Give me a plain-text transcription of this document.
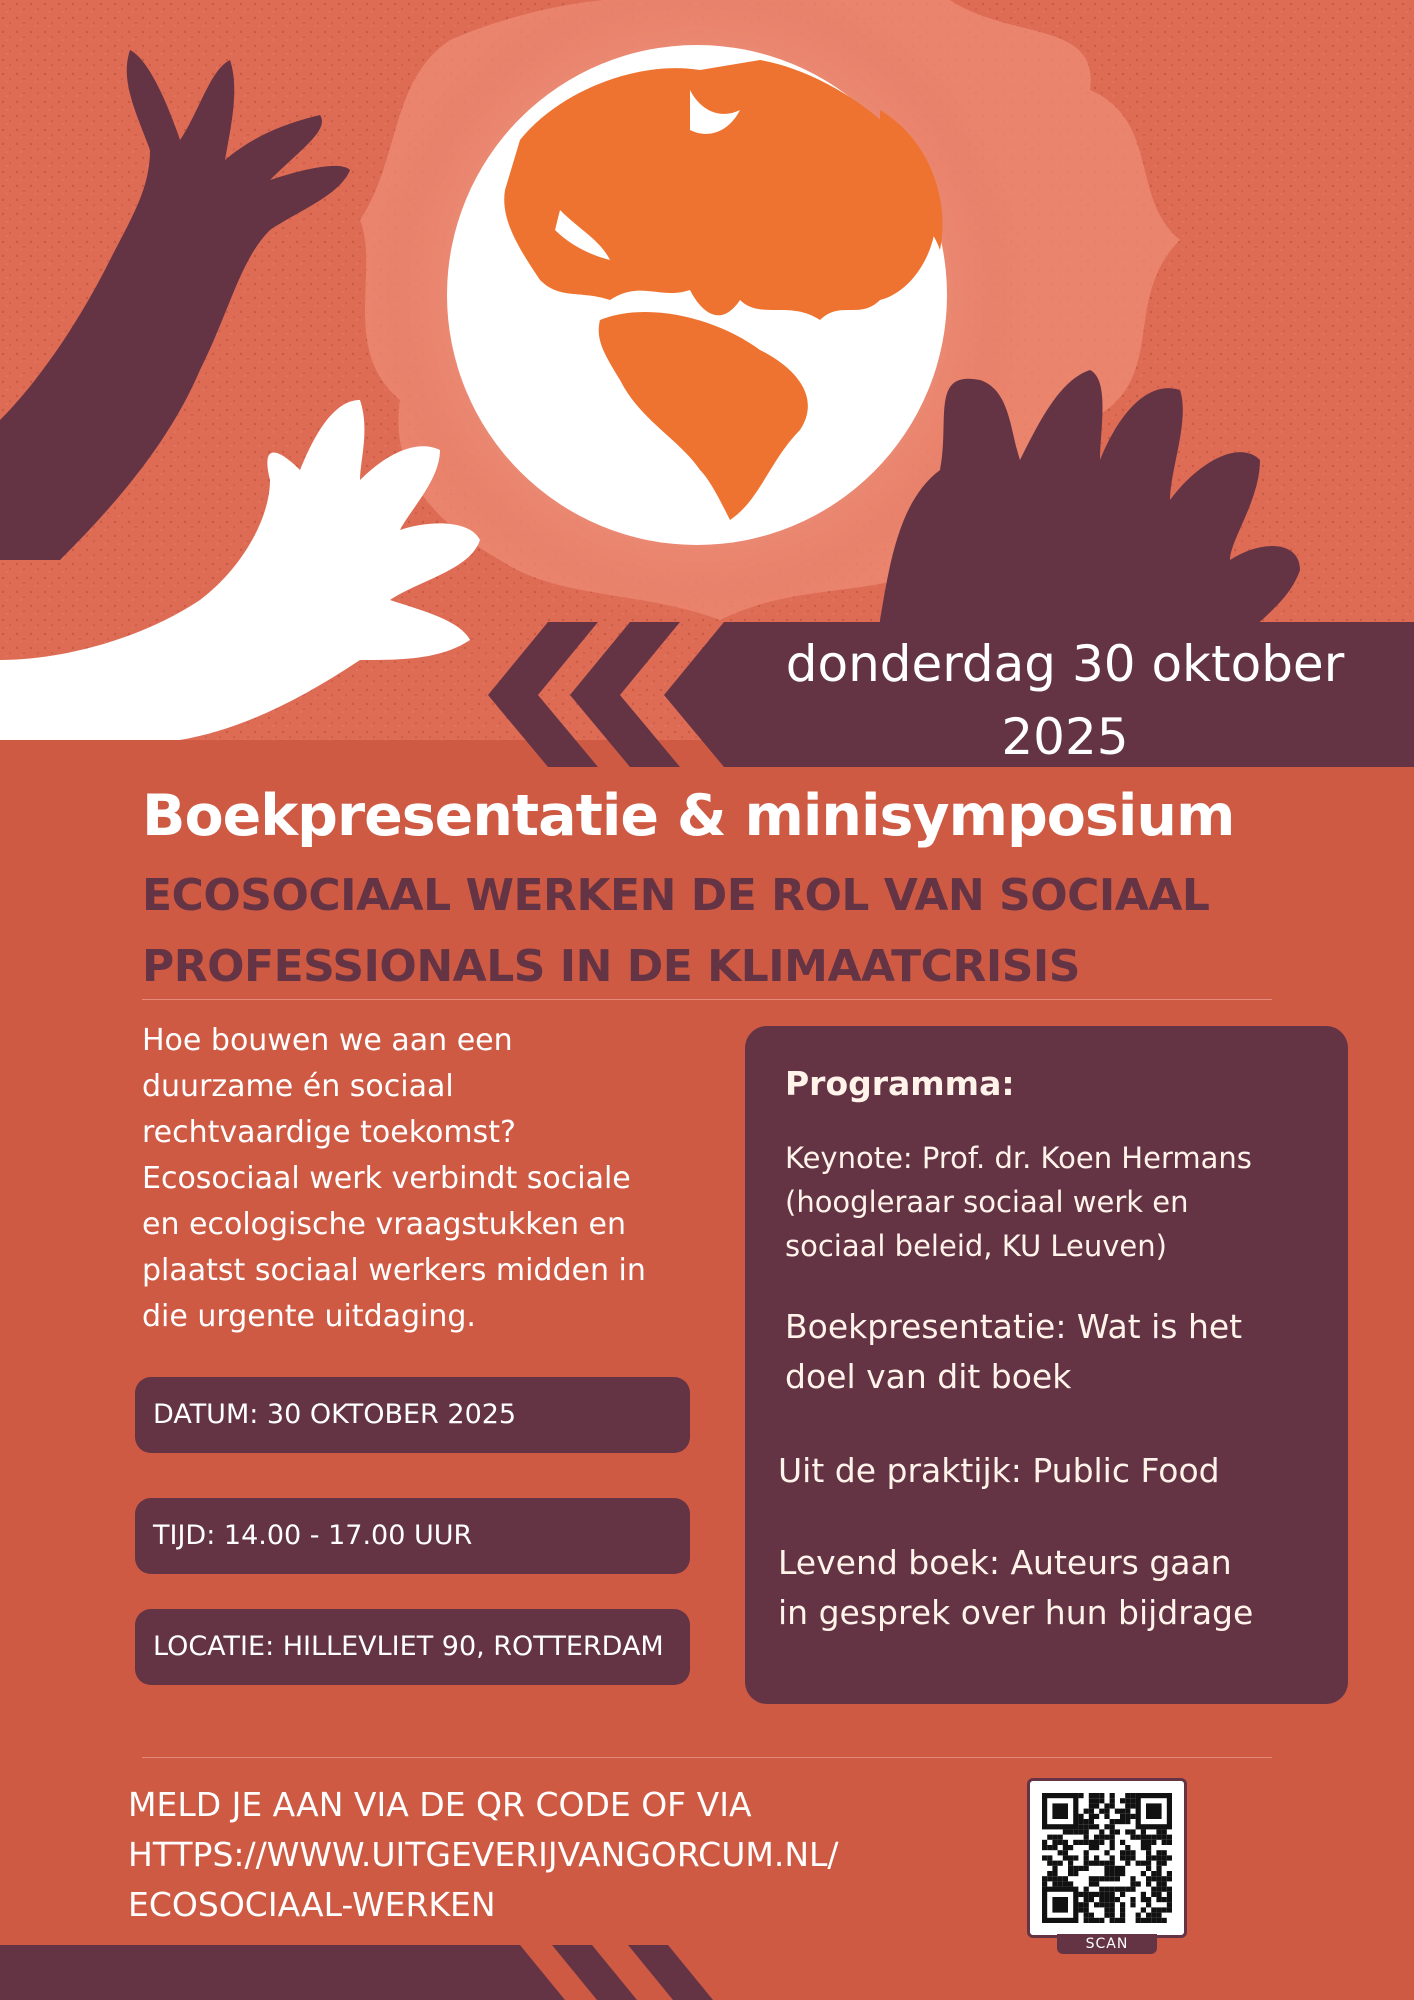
donderdag 30 oktober
2025
Boekpresentatie & minisymposium
ECOSOCIAAL WERKEN DE ROL VAN SOCIAAL
PROFESSIONALS IN DE KLIMAATCRISIS
Hoe bouwen we aan een
duurzame én sociaal
rechtvaardige toekomst?
Ecosociaal werk verbindt sociale
en ecologische vraagstukken en
plaatst sociaal werkers midden in
die urgente uitdaging.
DATUM: 30 OKTOBER 2025
TIJD: 14.00 - 17.00 UUR
LOCATIE: HILLEVLIET 90, ROTTERDAM
Programma:
Keynote: Prof. dr. Koen Hermans
(hoogleraar sociaal werk en
sociaal beleid, KU Leuven)
Boekpresentatie: Wat is het
doel van dit boek
Uit de praktijk: Public Food
Levend boek: Auteurs gaan
in gesprek over hun bijdrage
MELD JE AAN VIA DE QR CODE OF VIA
HTTPS://WWW.UITGEVERIJVANGORCUM.NL/
ECOSOCIAAL-WERKEN
SCAN
